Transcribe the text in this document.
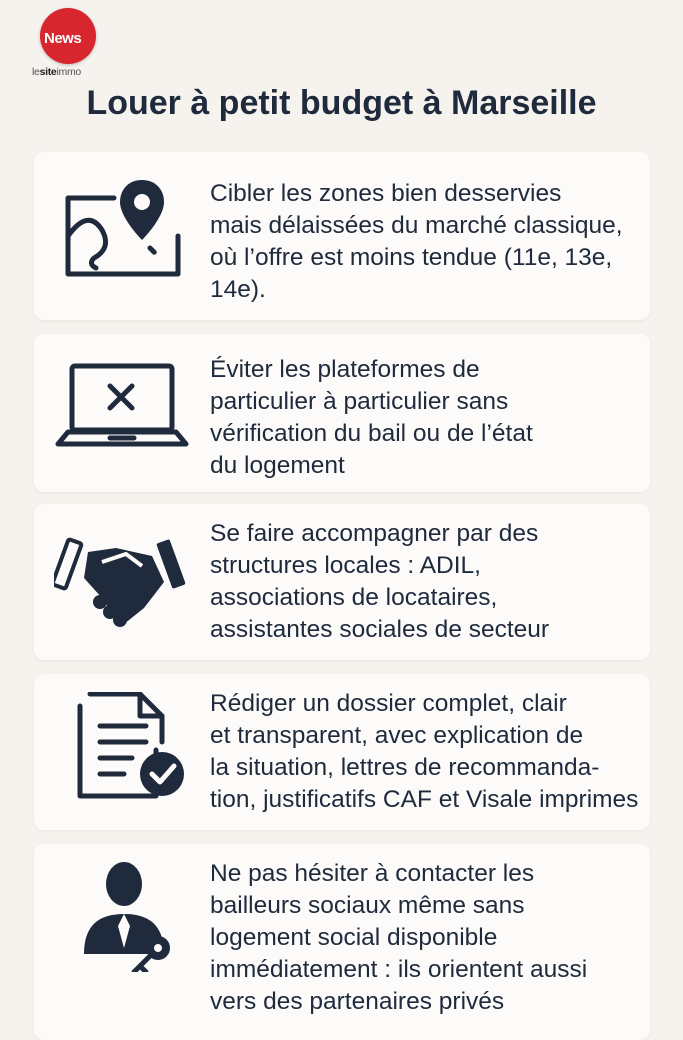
News
lesiteimmo
Louer à petit budget à Marseille
Cibler les zones bien desservies
mais délaissées du marché classique,
où l’offre est moins tendue (11e, 13e,
14e).
Éviter les plateformes de
particulier à particulier sans
vérification du bail ou de l’état
du logement
Se faire accompagner par des
structures locales : ADIL,
associations de locataires,
assistantes sociales de secteur
Rédiger un dossier complet, clair
et transparent, avec explication de
la situation, lettres de recommanda-
tion, justificatifs CAF et Visale imprimes
Ne pas hésiter à contacter les
bailleurs sociaux même sans
logement social disponible
immédiatement : ils orientent aussi
vers des partenaires privés
